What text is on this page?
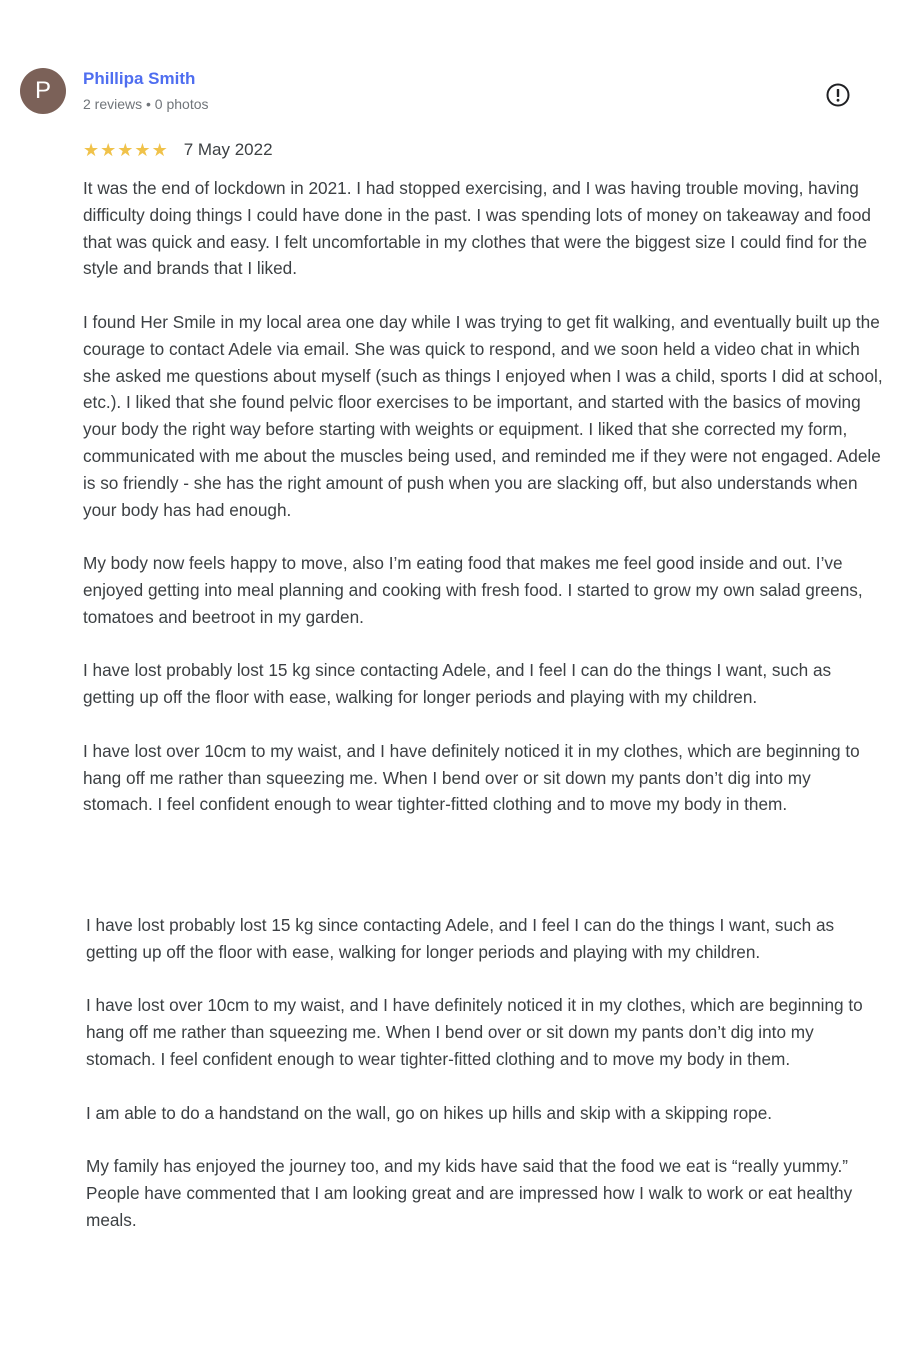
P	Phillipa Smith
2 reviews • 0 photos
★ ★ ★ ★ ★ 7 May 2022

It was the end of lockdown in 2021. I had stopped exercising, and I was having trouble moving, having difficulty doing things I could have done in the past. I was spending lots of money on takeaway and food that was quick and easy. I felt uncomfortable in my clothes that were the biggest size I could find for the style and brands that I liked.

I found Her Smile in my local area one day while I was trying to get fit walking, and eventually built up the courage to contact Adele via email. She was quick to respond, and we soon held a video chat in which she asked me questions about myself (such as things I enjoyed when I was a child, sports I did at school, etc.). I liked that she found pelvic floor exercises to be important, and started with the basics of moving your body the right way before starting with weights or equipment. I liked that she corrected my form, communicated with me about the muscles being used, and reminded me if they were not engaged. Adele is so friendly - she has the right amount of push when you are slacking off, but also understands when your body has had enough.

My body now feels happy to move, also I’m eating food that makes me feel good inside and out. I’ve enjoyed getting into meal planning and cooking with fresh food. I started to grow my own salad greens, tomatoes and beetroot in my garden.

I have lost probably lost 15 kg since contacting Adele, and I feel I can do the things I want, such as getting up off the floor with ease, walking for longer periods and playing with my children.

I have lost over 10cm to my waist, and I have definitely noticed it in my clothes, which are beginning to hang off me rather than squeezing me. When I bend over or sit down my pants don’t dig into my stomach. I feel confident enough to wear tighter-fitted clothing and to move my body in them.

I have lost probably lost 15 kg since contacting Adele, and I feel I can do the things I want, such as getting up off the floor with ease, walking for longer periods and playing with my children.

I have lost over 10cm to my waist, and I have definitely noticed it in my clothes, which are beginning to hang off me rather than squeezing me. When I bend over or sit down my pants don’t dig into my stomach. I feel confident enough to wear tighter-fitted clothing and to move my body in them.

I am able to do a handstand on the wall, go on hikes up hills and skip with a skipping rope.

My family has enjoyed the journey too, and my kids have said that the food we eat is “really yummy.” People have commented that I am looking great and are impressed how I walk to work or eat healthy meals.
